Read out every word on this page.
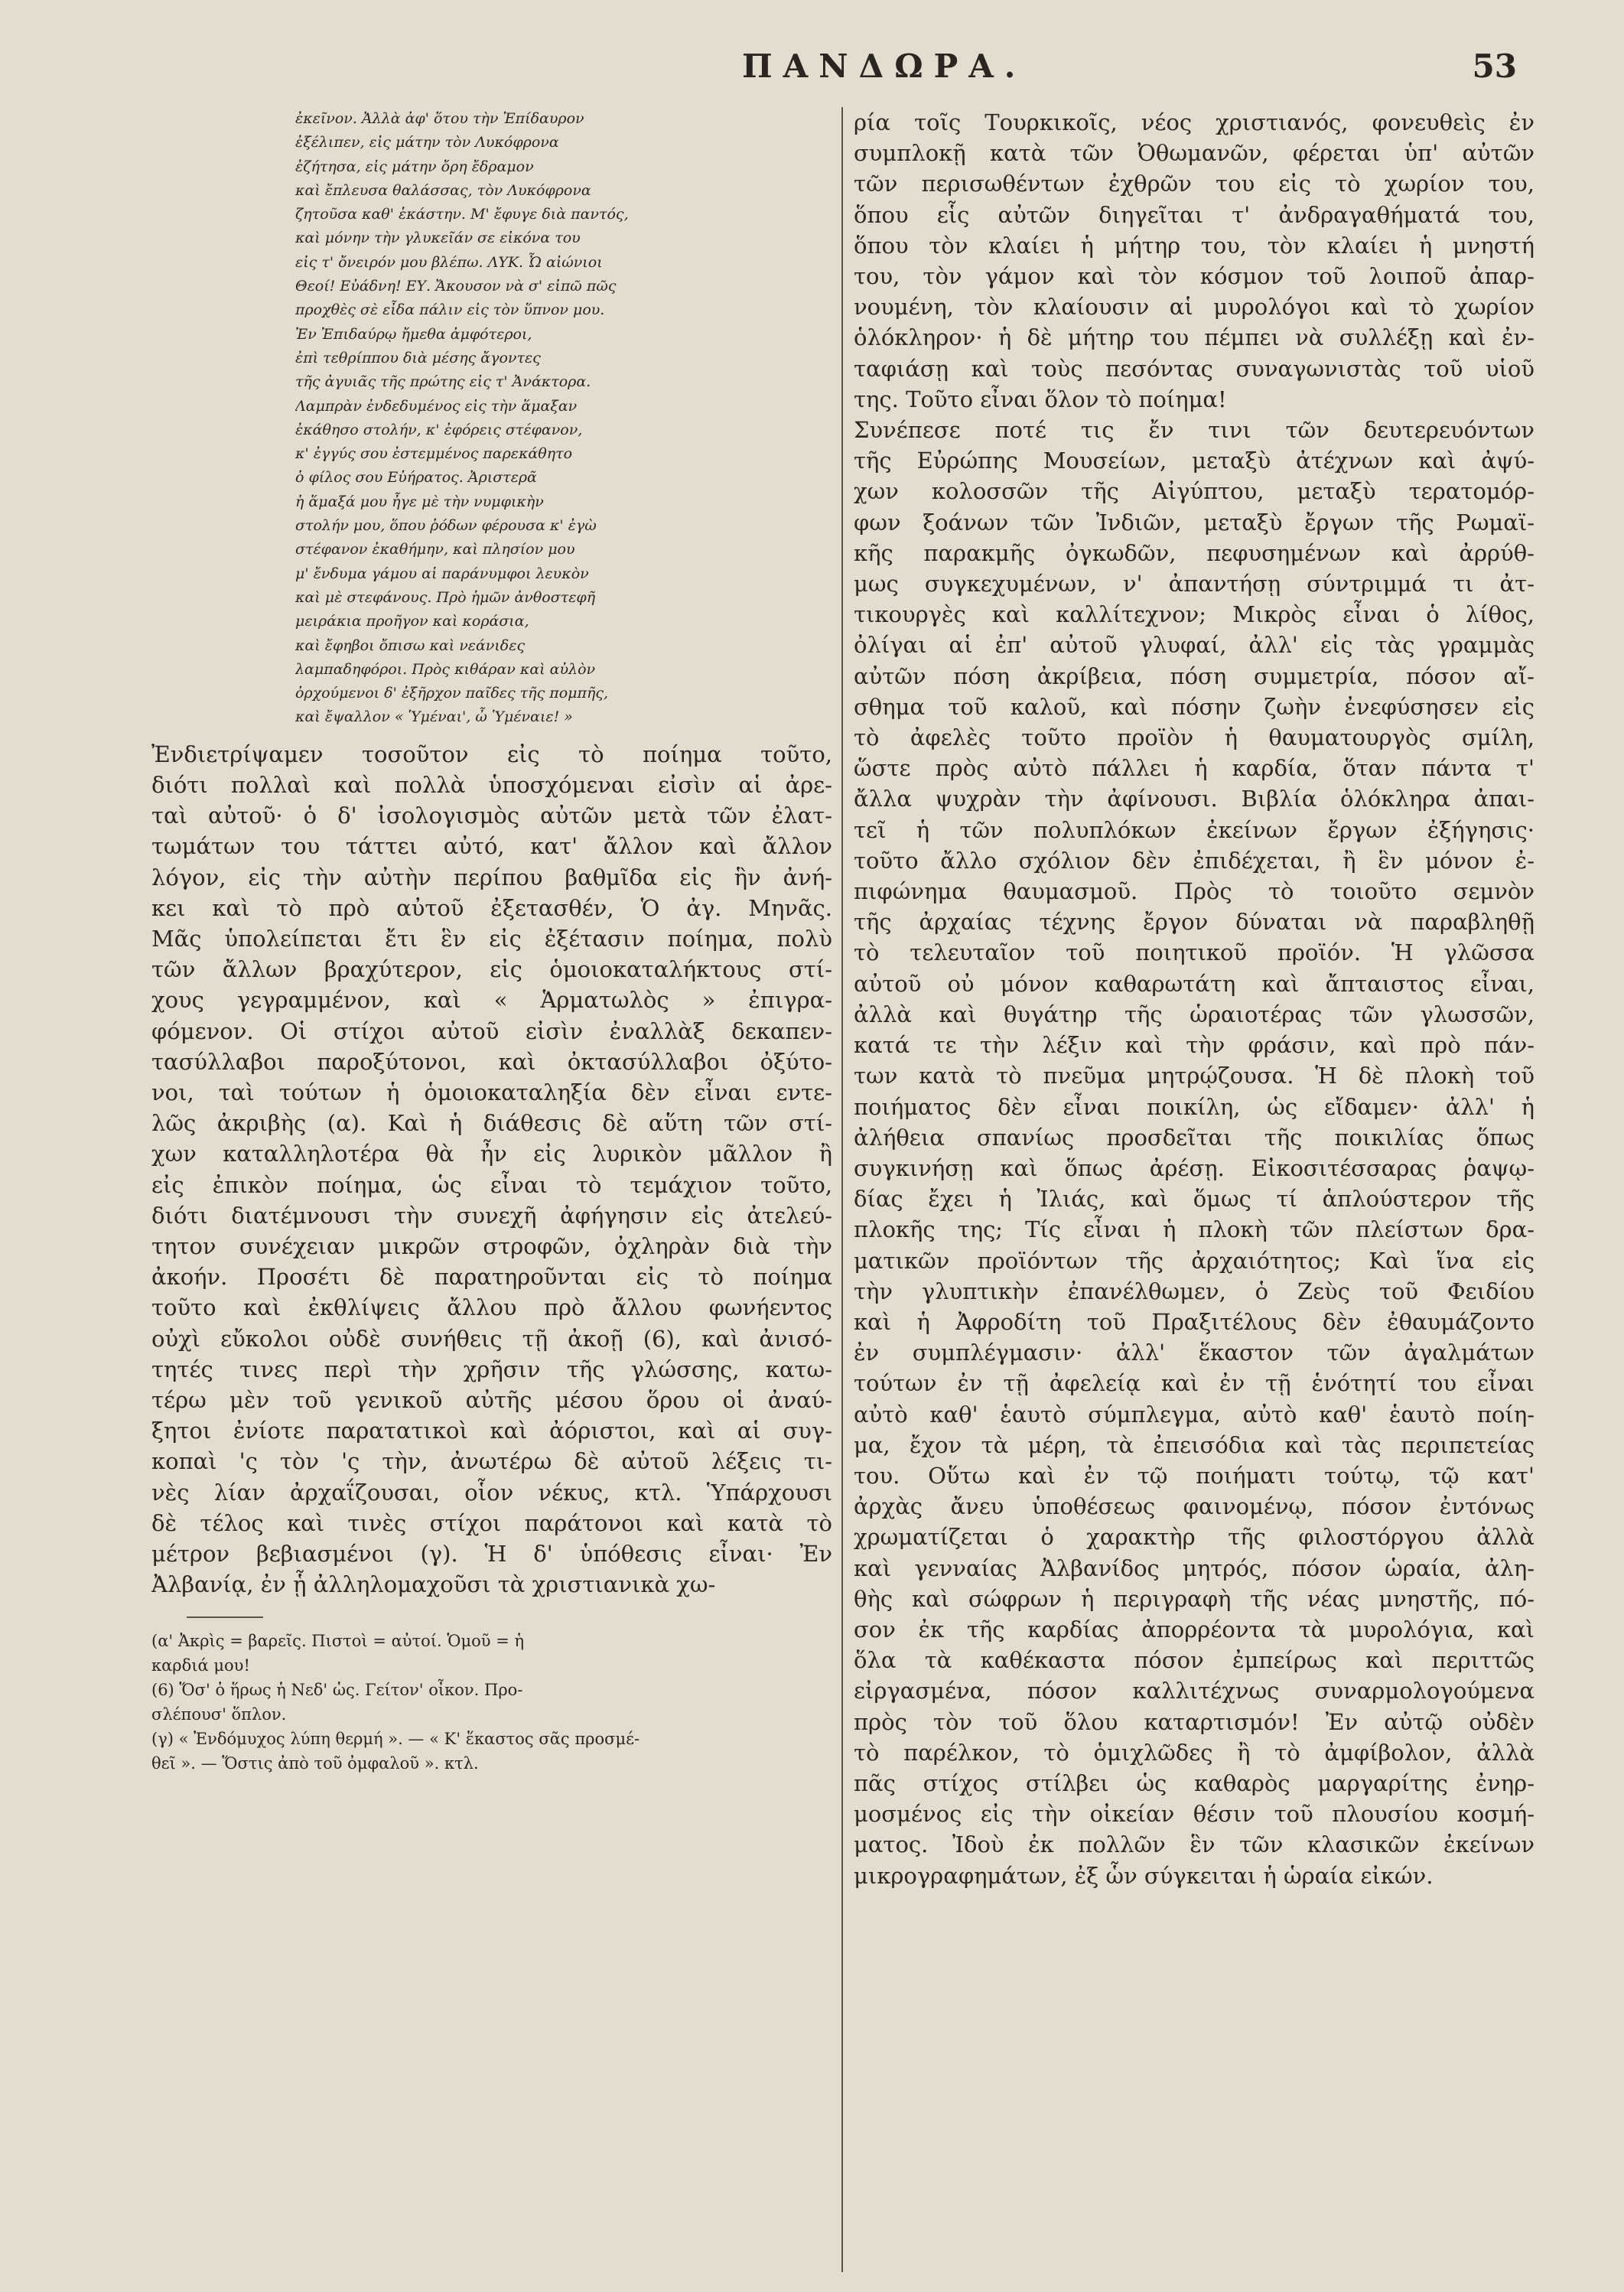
ΠΑΝΔΩΡΑ.	53
ἐκεῖνον. Ἀλλὰ ἀφ' ὅτου τὴν Ἐπίδαυρον
ἐξέλιπεν, εἰς μάτην τὸν Λυκόφρονα
ἐζήτησα, εἰς μάτην ὄρη ἔδραμον
καὶ ἔπλευσα θαλάσσας, τὸν Λυκόφρονα
ζητοῦσα καθ' ἑκάστην. Μ' ἔφυγε διὰ παντός,
καὶ μόνην τὴν γλυκεῖάν σε εἰκόνα του
εἰς τ' ὄνειρόν μου βλέπω. ΛΥΚ. Ὦ αἰώνιοι
Θεοί! Εὐάδνη! ΕΥ. Ἄκουσον νὰ σ' εἰπῶ πῶς
προχθὲς σὲ εἶδα πάλιν εἰς τὸν ὕπνον μου.
Ἐν Ἐπιδαύρῳ ἤμεθα ἀμφότεροι,
ἐπὶ τεθρίππου διὰ μέσης ἄγοντες
τῆς ἀγυιᾶς τῆς πρώτης εἰς τ' Ἀνάκτορα.
Λαμπρὰν ἐνδεδυμένος εἰς τὴν ἅμαξαν
ἐκάθησο στολήν, κ' ἐφόρεις στέφανον,
κ' ἐγγύς σου ἐστεμμένος παρεκάθητο
ὁ φίλος σου Εὐήρατος. Ἀριστερᾶ
ἡ ἅμαξά μου ἦγε μὲ τὴν νυμφικὴν
στολήν μου, ὅπου ῥόδων φέρουσα κ' ἐγὼ
στέφανον ἐκαθήμην, καὶ πλησίον μου
μ' ἔνδυμα γάμου αἱ παράνυμφοι λευκὸν
καὶ μὲ στεφάνους. Πρὸ ἡμῶν ἀνθοστεφῆ
μειράκια προῆγον καὶ κοράσια,
καὶ ἔφηβοι ὄπισω καὶ νεάνιδες
λαμπαδηφόροι. Πρὸς κιθάραν καὶ αὐλὸν
ὀρχούμενοι δ' ἐξῆρχον παῖδες τῆς πομπῆς,
καὶ ἔψαλλον « Ὑμέναι', ὦ Ὑμέναιε! »
Ἐνδιετρίψαμεν τοσοῦτον εἰς τὸ ποίημα τοῦτο,
διότι πολλαὶ καὶ πολλὰ ὑποσχόμεναι εἰσὶν αἱ ἀρε-
ταὶ αὐτοῦ· ὁ δ' ἰσολογισμὸς αὐτῶν μετὰ τῶν ἐλατ-
τωμάτων του τάττει αὐτό, κατ' ἄλλον καὶ ἄλλον
λόγον, εἰς τὴν αὐτὴν περίπου βαθμῖδα εἰς ἣν ἀνή-
κει καὶ τὸ πρὸ αὐτοῦ ἐξετασθέν, Ὁ ἀγ. Μηνᾶς.
Μᾶς ὑπολείπεται ἔτι ἓν εἰς ἐξέτασιν ποίημα, πολὺ
τῶν ἄλλων βραχύτερον, εἰς ὁμοιοκαταλήκτους στί-
χους γεγραμμένον, καὶ « Ἁρματωλὸς » ἐπιγρα-
φόμενον. Οἱ στίχοι αὐτοῦ εἰσὶν ἐναλλὰξ δεκαπεν-
τασύλλαβοι παροξύτονοι, καὶ ὀκτασύλλαβοι ὀξύτο-
νοι, ταὶ τούτων ἡ ὁμοιοκαταληξία δὲν εἶναι εντε-
λῶς ἀκριβὴς (α). Καὶ ἡ διάθεσις δὲ αὕτη τῶν στί-
χων καταλληλοτέρα θὰ ἦν εἰς λυρικὸν μᾶλλον ἢ
εἰς ἐπικὸν ποίημα, ὡς εἶναι τὸ τεμάχιον τοῦτο,
διότι διατέμνουσι τὴν συνεχῆ ἀφήγησιν εἰς ἀτελεύ-
τητον συνέχειαν μικρῶν στροφῶν, ὀχληρὰν διὰ τὴν
ἀκοήν. Προσέτι δὲ παρατηροῦνται εἰς τὸ ποίημα
τοῦτο καὶ ἐκθλίψεις ἄλλου πρὸ ἄλλου φωνήεντος
οὐχὶ εὔκολοι οὐδὲ συνήθεις τῇ ἀκοῇ (6), καὶ ἀνισό-
τητές τινες περὶ τὴν χρῆσιν τῆς γλώσσης, κατω-
τέρω μὲν τοῦ γενικοῦ αὐτῆς μέσου ὅρου οἱ ἀναύ-
ξητοι ἐνίοτε παρατατικοὶ καὶ ἀόριστοι, καὶ αἱ συγ-
κοπαὶ 'ς τὸν 'ς τὴν, ἀνωτέρω δὲ αὐτοῦ λέξεις τι-
νὲς λίαν ἀρχαΐζουσαι, οἷον νέκυς, κτλ. Ὑπάρχουσι
δὲ τέλος καὶ τινὲς στίχοι παράτονοι καὶ κατὰ τὸ
μέτρον βεβιασμένοι (γ). Ἡ δ' ὑπόθεσις εἶναι· Ἐν
Ἀλβανίᾳ, ἐν ᾗ ἀλληλομαχοῦσι τὰ χριστιανικὰ χω-
(α' Ἀκρὶς = βαρεῖς. Πιστοὶ = αὐτοί. Ὁμοῦ = ἡ
καρδιά μου!
(6) Ὅσ' ὁ ἥρως ἡ Νεδ' ὡς. Γείτον' οἶκον. Προ-
σλέπουσ' ὅπλον.
(γ) « Ἐνδόμυχος λύπη θερμή ». — « Κ' ἕκαστος σᾶς προσμέ-
θεῖ ». — Ὅστις ἀπὸ τοῦ ὀμφαλοῦ ». κτλ.
ρία τοῖς Τουρκικοῖς, νέος χριστιανός, φονευθεὶς ἐν
συμπλοκῇ κατὰ τῶν Ὀθωμανῶν, φέρεται ὑπ' αὐτῶν
τῶν περισωθέντων ἐχθρῶν του εἰς τὸ χωρίον του,
ὅπου εἷς αὐτῶν διηγεῖται τ' ἀνδραγαθήματά του,
ὅπου τὸν κλαίει ἡ μήτηρ του, τὸν κλαίει ἡ μνηστή
του, τὸν γάμον καὶ τὸν κόσμον τοῦ λοιποῦ ἀπαρ-
νουμένη, τὸν κλαίουσιν αἱ μυρολόγοι καὶ τὸ χωρίον
ὁλόκληρον· ἡ δὲ μήτηρ του πέμπει νὰ συλλέξῃ καὶ ἐν-
ταφιάσῃ καὶ τοὺς πεσόντας συναγωνιστὰς τοῦ υἱοῦ
της. Τοῦτο εἶναι ὅλον τὸ ποίημα!
Συνέπεσε ποτέ τις ἔν τινι τῶν δευτερευόντων
τῆς Εὐρώπης Μουσείων, μεταξὺ ἀτέχνων καὶ ἀψύ-
χων κολοσσῶν τῆς Αἰγύπτου, μεταξὺ τερατομόρ-
φων ξοάνων τῶν Ἰνδιῶν, μεταξὺ ἔργων τῆς Ρωμαϊ-
κῆς παρακμῆς ὀγκωδῶν, πεφυσημένων καὶ ἀρρύθ-
μως συγκεχυμένων, ν' ἀπαντήσῃ σύντριμμά τι ἀτ-
τικουργὲς καὶ καλλίτεχνον; Μικρὸς εἶναι ὁ λίθος,
ὀλίγαι αἱ ἐπ' αὐτοῦ γλυφαί, ἀλλ' εἰς τὰς γραμμὰς
αὐτῶν πόση ἀκρίβεια, πόση συμμετρία, πόσον αἴ-
σθημα τοῦ καλοῦ, καὶ πόσην ζωὴν ἐνεφύσησεν εἰς
τὸ ἀφελὲς τοῦτο προϊὸν ἡ θαυματουργὸς σμίλη,
ὥστε πρὸς αὐτὸ πάλλει ἡ καρδία, ὅταν πάντα τ'
ἄλλα ψυχρὰν τὴν ἀφίνουσι. Βιβλία ὁλόκληρα ἀπαι-
τεῖ ἡ τῶν πολυπλόκων ἐκείνων ἔργων ἐξήγησις·
τοῦτο ἄλλο σχόλιον δὲν ἐπιδέχεται, ἢ ἓν μόνον ἐ-
πιφώνημα θαυμασμοῦ. Πρὸς τὸ τοιοῦτο σεμνὸν
τῆς ἀρχαίας τέχνης ἔργον δύναται νὰ παραβληθῇ
τὸ τελευταῖον τοῦ ποιητικοῦ προϊόν. Ἡ γλῶσσα
αὐτοῦ οὐ μόνον καθαρωτάτη καὶ ἄπταιστος εἶναι,
ἀλλὰ καὶ θυγάτηρ τῆς ὡραιοτέρας τῶν γλωσσῶν,
κατά τε τὴν λέξιν καὶ τὴν φράσιν, καὶ πρὸ πάν-
των κατὰ τὸ πνεῦμα μητρῴζουσα. Ἡ δὲ πλοκὴ τοῦ
ποιήματος δὲν εἶναι ποικίλη, ὡς εἴδαμεν· ἀλλ' ἡ
ἀλήθεια σπανίως προσδεῖται τῆς ποικιλίας ὅπως
συγκινήσῃ καὶ ὅπως ἀρέσῃ. Εἰκοσιτέσσαρας ῥαψῳ-
δίας ἔχει ἡ Ἰλιάς, καὶ ὅμως τί ἁπλούστερον τῆς
πλοκῆς της; Τίς εἶναι ἡ πλοκὴ τῶν πλείστων δρα-
ματικῶν προϊόντων τῆς ἀρχαιότητος; Καὶ ἵνα εἰς
τὴν γλυπτικὴν ἐπανέλθωμεν, ὁ Ζεὺς τοῦ Φειδίου
καὶ ἡ Ἀφροδίτη τοῦ Πραξιτέλους δὲν ἐθαυμάζοντο
ἐν συμπλέγμασιν· ἀλλ' ἕκαστον τῶν ἀγαλμάτων
τούτων ἐν τῇ ἀφελείᾳ καὶ ἐν τῇ ἑνότητί του εἶναι
αὐτὸ καθ' ἑαυτὸ σύμπλεγμα, αὐτὸ καθ' ἑαυτὸ ποίη-
μα, ἔχον τὰ μέρη, τὰ ἐπεισόδια καὶ τὰς περιπετείας
του. Οὕτω καὶ ἐν τῷ ποιήματι τούτῳ, τῷ κατ'
ἀρχὰς ἄνευ ὑποθέσεως φαινομένῳ, πόσον ἐντόνως
χρωματίζεται ὁ χαρακτὴρ τῆς φιλοστόργου ἀλλὰ
καὶ γενναίας Ἀλβανίδος μητρός, πόσον ὡραία, ἀλη-
θὴς καὶ σώφρων ἡ περιγραφὴ τῆς νέας μνηστῆς, πό-
σον ἐκ τῆς καρδίας ἀπορρέοντα τὰ μυρολόγια, καὶ
ὅλα τὰ καθέκαστα πόσον ἐμπείρως καὶ περιττῶς
εἰργασμένα, πόσον καλλιτέχνως συναρμολογούμενα
πρὸς τὸν τοῦ ὅλου καταρτισμόν! Ἐν αὐτῷ οὐδὲν
τὸ παρέλκον, τὸ ὁμιχλῶδες ἢ τὸ ἀμφίβολον, ἀλλὰ
πᾶς στίχος στίλβει ὡς καθαρὸς μαργαρίτης ἐνηρ-
μοσμένος εἰς τὴν οἰκείαν θέσιν τοῦ πλουσίου κοσμή-
ματος. Ἰδοὺ ἐκ πολλῶν ἓν τῶν κλασικῶν ἐκείνων
μικρογραφημάτων, ἐξ ὧν σύγκειται ἡ ὡραία εἰκών.
